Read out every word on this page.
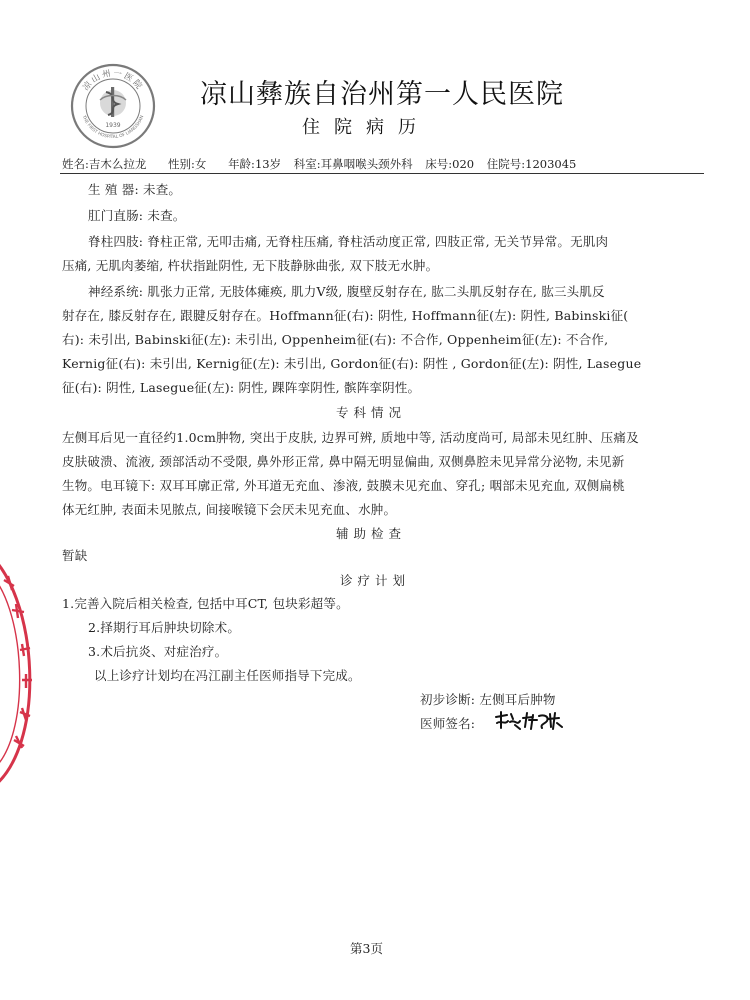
凉山州一医院
THE FIRST HOSPITAL OF LIANGSHAN
1939
凉山彝族自治州第一人民医院
住院病历
姓名:吉木么拉龙 性别:女 年龄:13岁 科室:耳鼻咽喉头颈外科 床号:020 住院号:1203045
生 殖 器: 未查。
肛门直肠: 未查。
脊柱四肢: 脊柱正常, 无叩击痛, 无脊柱压痛, 脊柱活动度正常, 四肢正常, 无关节异常。无肌肉
压痛, 无肌肉萎缩, 杵状指趾阴性, 无下肢静脉曲张, 双下肢无水肿。
神经系统: 肌张力正常, 无肢体瘫痪, 肌力Ⅴ级, 腹壁反射存在, 肱二头肌反射存在, 肱三头肌反
射存在, 膝反射存在, 跟腱反射存在。Hoffmann征(右): 阴性, Hoffmann征(左): 阴性, Babinski征(
右): 未引出, Babinski征(左): 未引出, Oppenheim征(右): 不合作, Oppenheim征(左): 不合作,
Kernig征(右): 未引出, Kernig征(左): 未引出, Gordon征(右): 阴性 , Gordon征(左): 阴性, Lasegue
征(右): 阴性, Lasegue征(左): 阴性, 踝阵挛阴性, 髌阵挛阴性。
专科情况
左侧耳后见一直径约1.0cm肿物, 突出于皮肤, 边界可辨, 质地中等, 活动度尚可, 局部未见红肿、压痛及
皮肤破溃、流液, 颈部活动不受限, 鼻外形正常, 鼻中隔无明显偏曲, 双侧鼻腔未见异常分泌物, 未见新
生物。电耳镜下: 双耳耳廓正常, 外耳道无充血、渗液, 鼓膜未见充血、穿孔; 咽部未见充血, 双侧扁桃
体无红肿, 表面未见脓点, 间接喉镜下会厌未见充血、水肿。
辅助检查
暂缺
诊疗计划
1.完善入院后相关检查, 包括中耳CT, 包块彩超等。
2.择期行耳后肿块切除术。
3.术后抗炎、对症治疗。
以上诊疗计划均在冯江副主任医师指导下完成。
初步诊断: 左侧耳后肿物
医师签名:
第3页
